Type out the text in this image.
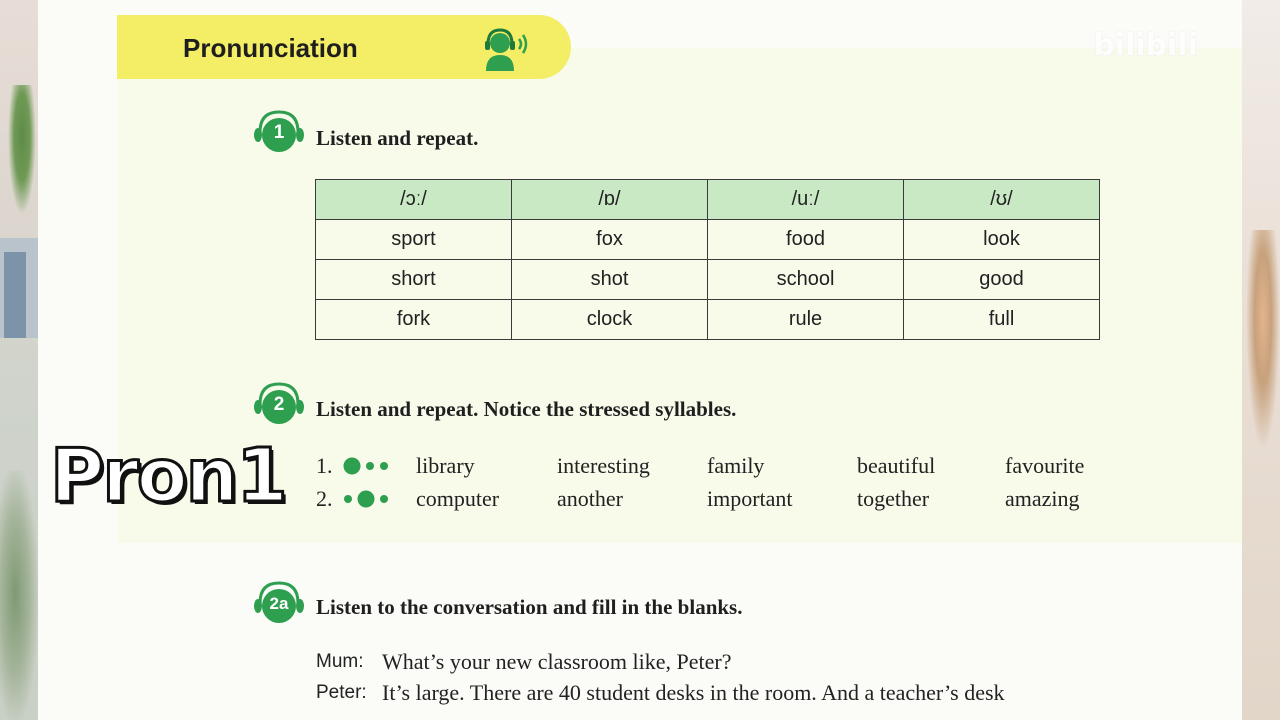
Pronunciation	bilibili
1	Listen and repeat.
/ɔː/	/ɒ/	/uː/	/ʊ/
sport	fox	food	look
short	shot	school	good
fork	clock	rule	full
2	Listen and repeat. Notice the stressed syllables.
1.	library	interesting	family	beautiful	favourite
2.	computer	another	important	together	amazing
2a	Listen to the conversation and fill in the blanks.
Mum: What’s your new classroom like, Peter?
Peter: It’s large. There are 40 student desks in the room. And a teacher’s desk
Pron1
